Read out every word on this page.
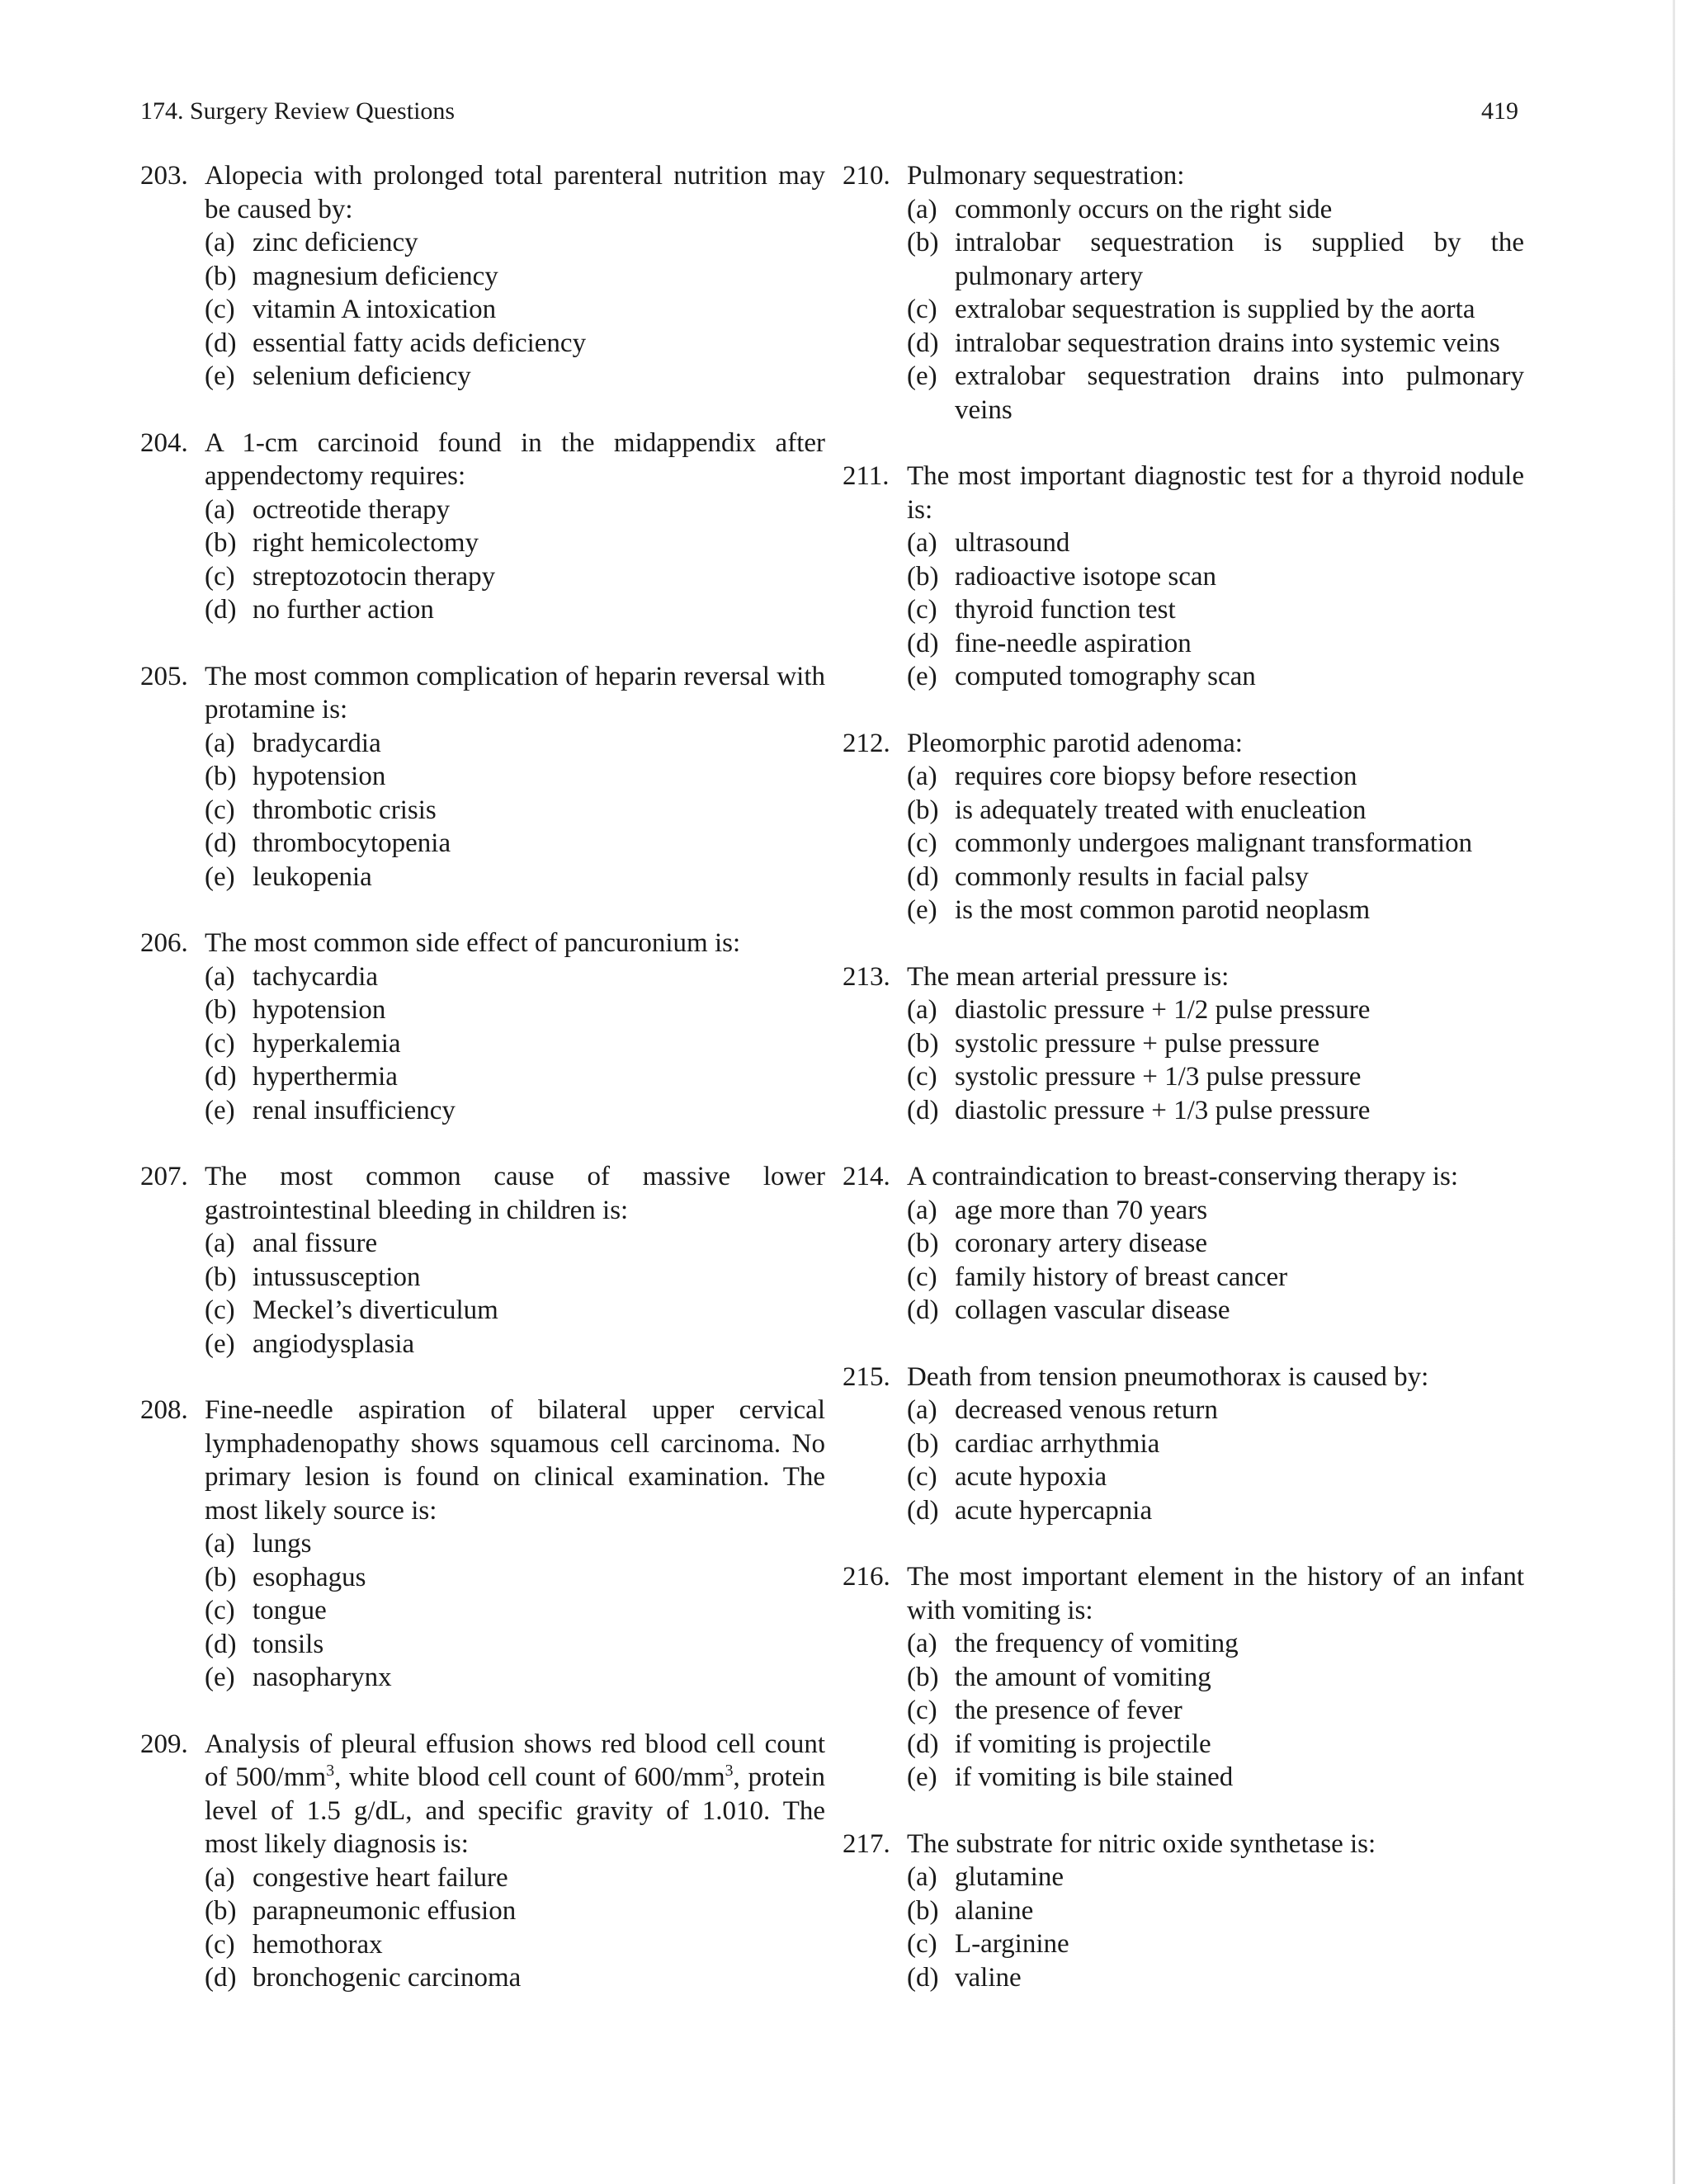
174. Surgery Review Questions	419
203. Alopecia with prolonged total parenteral nutrition may be caused by:
(a) zinc deficiency
(b) magnesium deficiency
(c) vitamin A intoxication
(d) essential fatty acids deficiency
(e) selenium deficiency
204. A 1-cm carcinoid found in the midappendix after appendectomy requires:
(a) octreotide therapy
(b) right hemicolectomy
(c) streptozotocin therapy
(d) no further action
205. The most common complication of heparin reversal with protamine is:
(a) bradycardia
(b) hypotension
(c) thrombotic crisis
(d) thrombocytopenia
(e) leukopenia
206. The most common side effect of pancuronium is:
(a) tachycardia
(b) hypotension
(c) hyperkalemia
(d) hyperthermia
(e) renal insufficiency
207. The most common cause of massive lower gastrointestinal bleeding in children is:
(a) anal fissure
(b) intussusception
(c) Meckel’s diverticulum
(e) angiodysplasia
208. Fine-needle aspiration of bilateral upper cervical lymphadenopathy shows squamous cell carcinoma. No primary lesion is found on clinical examination. The most likely source is:
(a) lungs
(b) esophagus
(c) tongue
(d) tonsils
(e) nasopharynx
209. Analysis of pleural effusion shows red blood cell count of $500/mm^3$, white blood cell count of $600/mm^3$, protein level of 1.5 g/dL, and specific gravity of 1.010. The most likely diagnosis is:
(a) congestive heart failure
(b) parapneumonic effusion
(c) hemothorax
(d) bronchogenic carcinoma
210. Pulmonary sequestration:
(a) commonly occurs on the right side
(b) intralobar sequestration is supplied by the pulmonary artery
(c) extralobar sequestration is supplied by the aorta
(d) intralobar sequestration drains into systemic veins
(e) extralobar sequestration drains into pulmonary veins
211. The most important diagnostic test for a thyroid nodule is:
(a) ultrasound
(b) radioactive isotope scan
(c) thyroid function test
(d) fine-needle aspiration
(e) computed tomography scan
212. Pleomorphic parotid adenoma:
(a) requires core biopsy before resection
(b) is adequately treated with enucleation
(c) commonly undergoes malignant transformation
(d) commonly results in facial palsy
(e) is the most common parotid neoplasm
213. The mean arterial pressure is:
(a) diastolic pressure + 1/2 pulse pressure
(b) systolic pressure + pulse pressure
(c) systolic pressure + 1/3 pulse pressure
(d) diastolic pressure + 1/3 pulse pressure
214. A contraindication to breast-conserving therapy is:
(a) age more than 70 years
(b) coronary artery disease
(c) family history of breast cancer
(d) collagen vascular disease
215. Death from tension pneumothorax is caused by:
(a) decreased venous return
(b) cardiac arrhythmia
(c) acute hypoxia
(d) acute hypercapnia
216. The most important element in the history of an infant with vomiting is:
(a) the frequency of vomiting
(b) the amount of vomiting
(c) the presence of fever
(d) if vomiting is projectile
(e) if vomiting is bile stained
217. The substrate for nitric oxide synthetase is:
(a) glutamine
(b) alanine
(c) L-arginine
(d) valine
